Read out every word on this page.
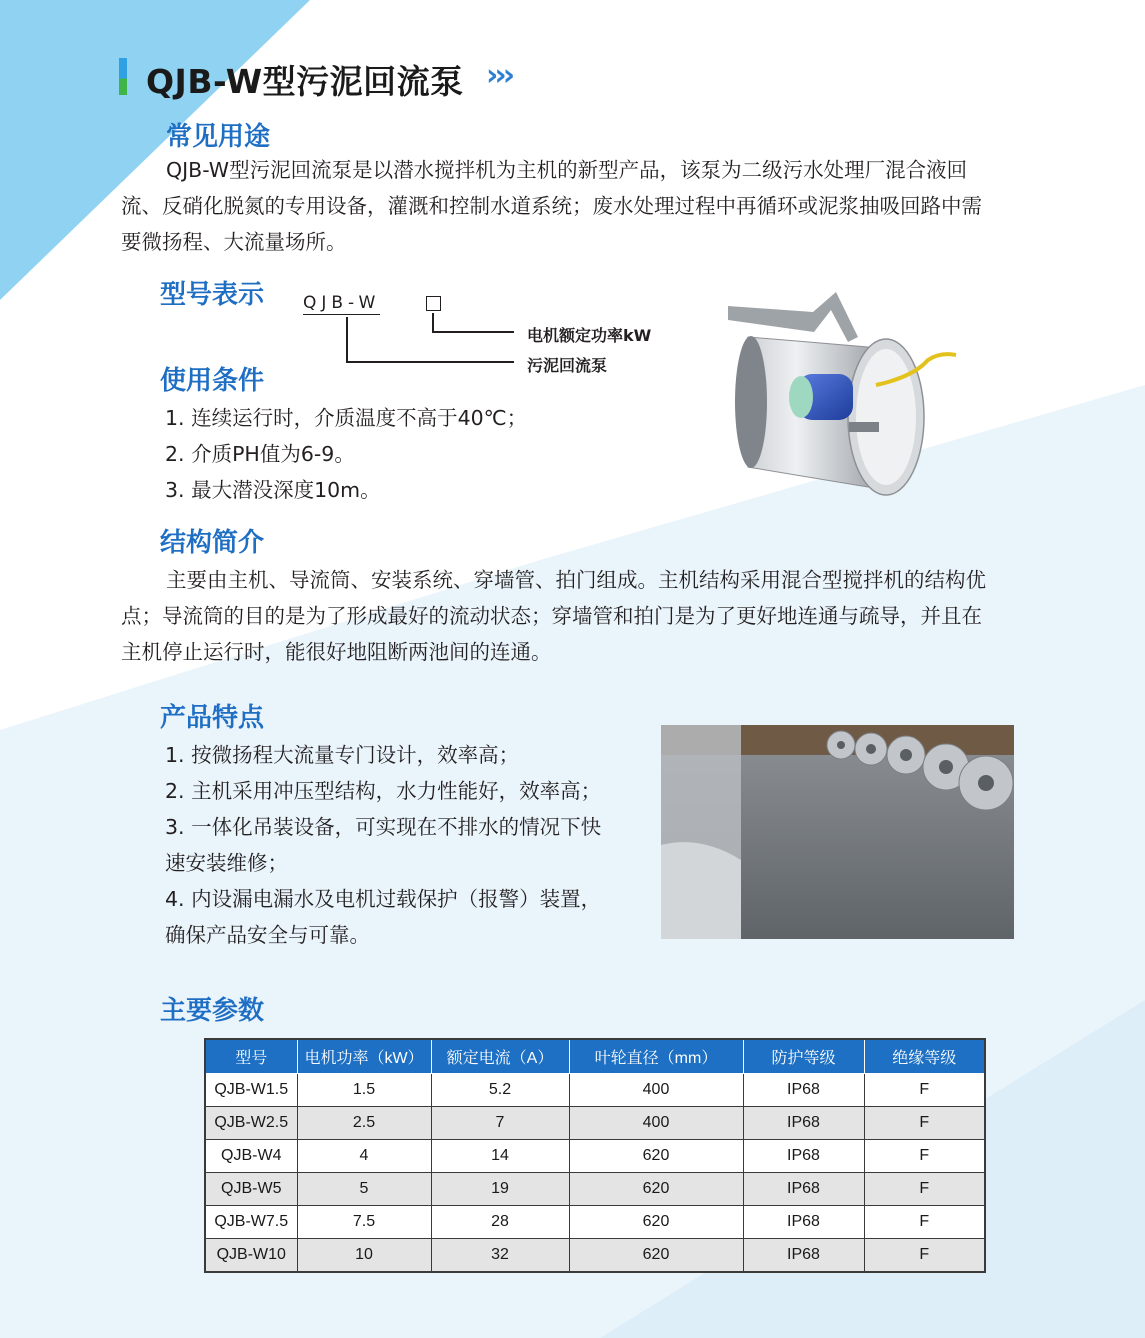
QJB-W型污泥回流泵 ›››
常见用途
QJB-W型污泥回流泵是以潜水搅拌机为主机的新型产品，该泵为二级污水处理厂混合液回
流、反硝化脱氮的专用设备，灌溉和控制水道系统；废水处理过程中再循环或泥浆抽吸回路中需
要微扬程、大流量场所。
型号表示 QJB-W
电机额定功率kW
污泥回流泵
使用条件
1. 连续运行时，介质温度不高于40℃；
2. 介质PH值为6-9。
3. 最大潜没深度10m。
结构简介
主要由主机、导流筒、安装系统、穿墙管、拍门组成。主机结构采用混合型搅拌机的结构优
点；导流筒的目的是为了形成最好的流动状态；穿墙管和拍门是为了更好地连通与疏导，并且在
主机停止运行时，能很好地阻断两池间的连通。
产品特点
1. 按微扬程大流量专门设计，效率高；
2. 主机采用冲压型结构，水力性能好，效率高；
3. 一体化吊装设备，可实现在不排水的情况下快
速安装维修；
4. 内设漏电漏水及电机过载保护（报警）装置，
确保产品安全与可靠。
主要参数
型号	电机功率（kW）	额定电流（A）	叶轮直径（mm）	防护等级	绝缘等级
QJB-W1.5	1.5	5.2	400	IP68	F
QJB-W2.5	2.5	7	400	IP68	F
QJB-W4	4	14	620	IP68	F
QJB-W5	5	19	620	IP68	F
QJB-W7.5	7.5	28	620	IP68	F
QJB-W10	10	32	620	IP68	F
